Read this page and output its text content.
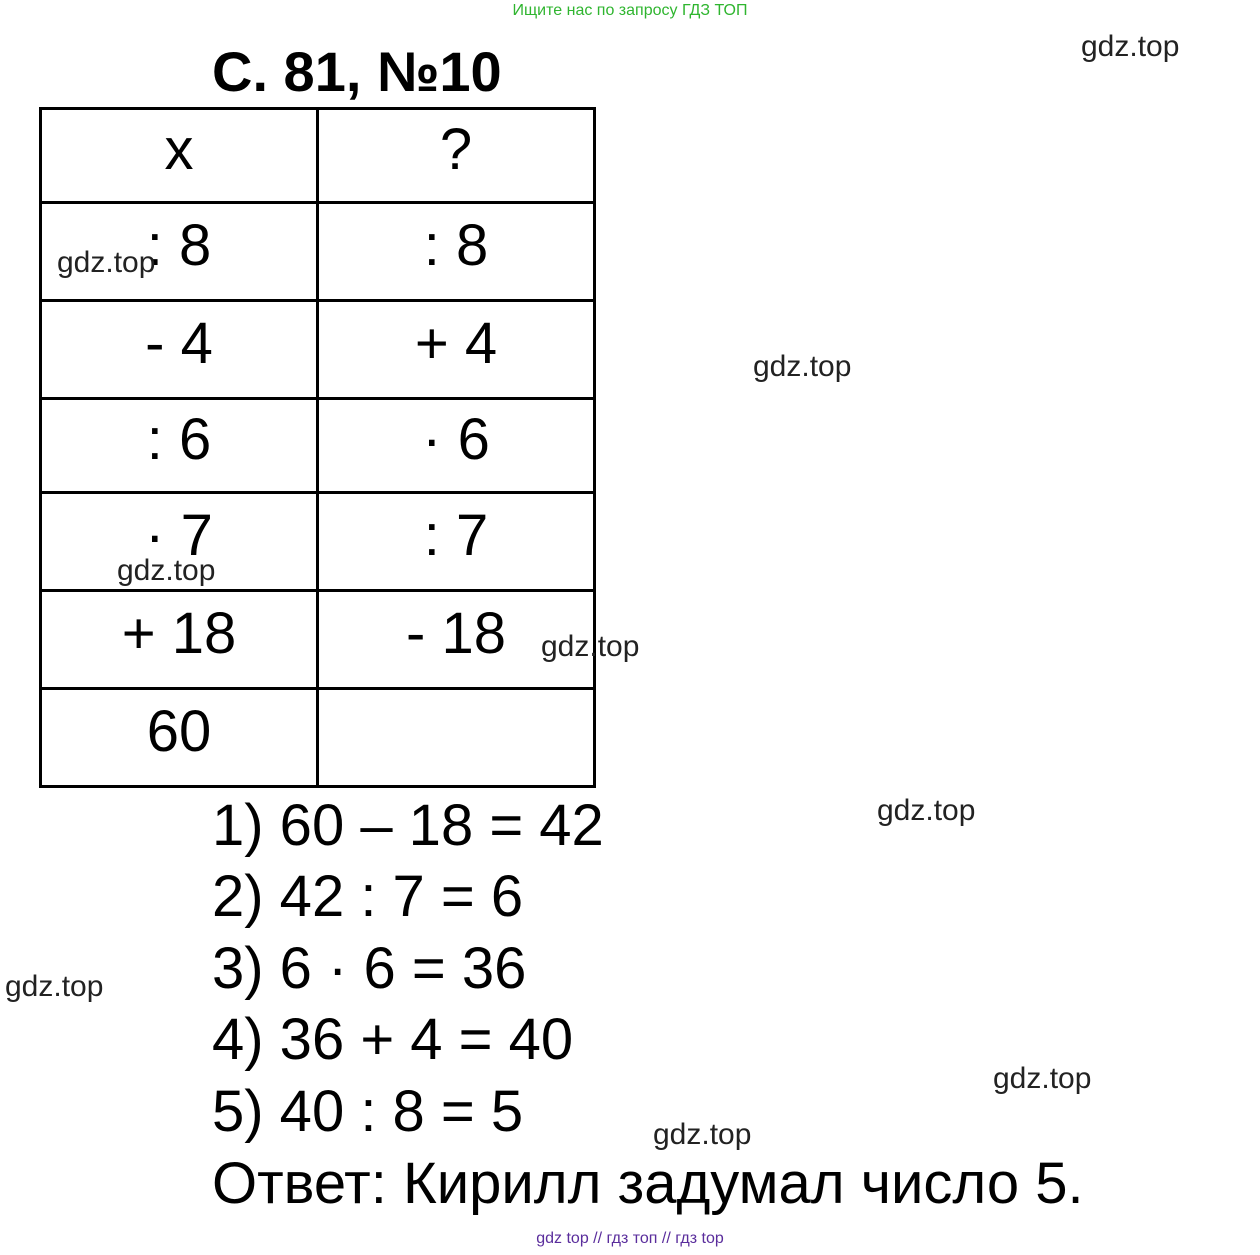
Ищите нас по запросу ГДЗ ТОП
С. 81, №10
x	?
: 8	: 8
- 4	+ 4
: 6	· 6
· 7	: 7
+ 18	- 18
60	
1) 60 – 18 = 42
2) 42 : 7 = 6
3) 6 · 6 = 36
4) 36 + 4 = 40
5) 40 : 8 = 5
Ответ: Кирилл задумал число 5.
gdz.top
gdz.top
gdz.top
gdz.top
gdz.top
gdz.top
gdz.top
gdz.top
gdz.top
gdz top // гдз топ // гдз top
